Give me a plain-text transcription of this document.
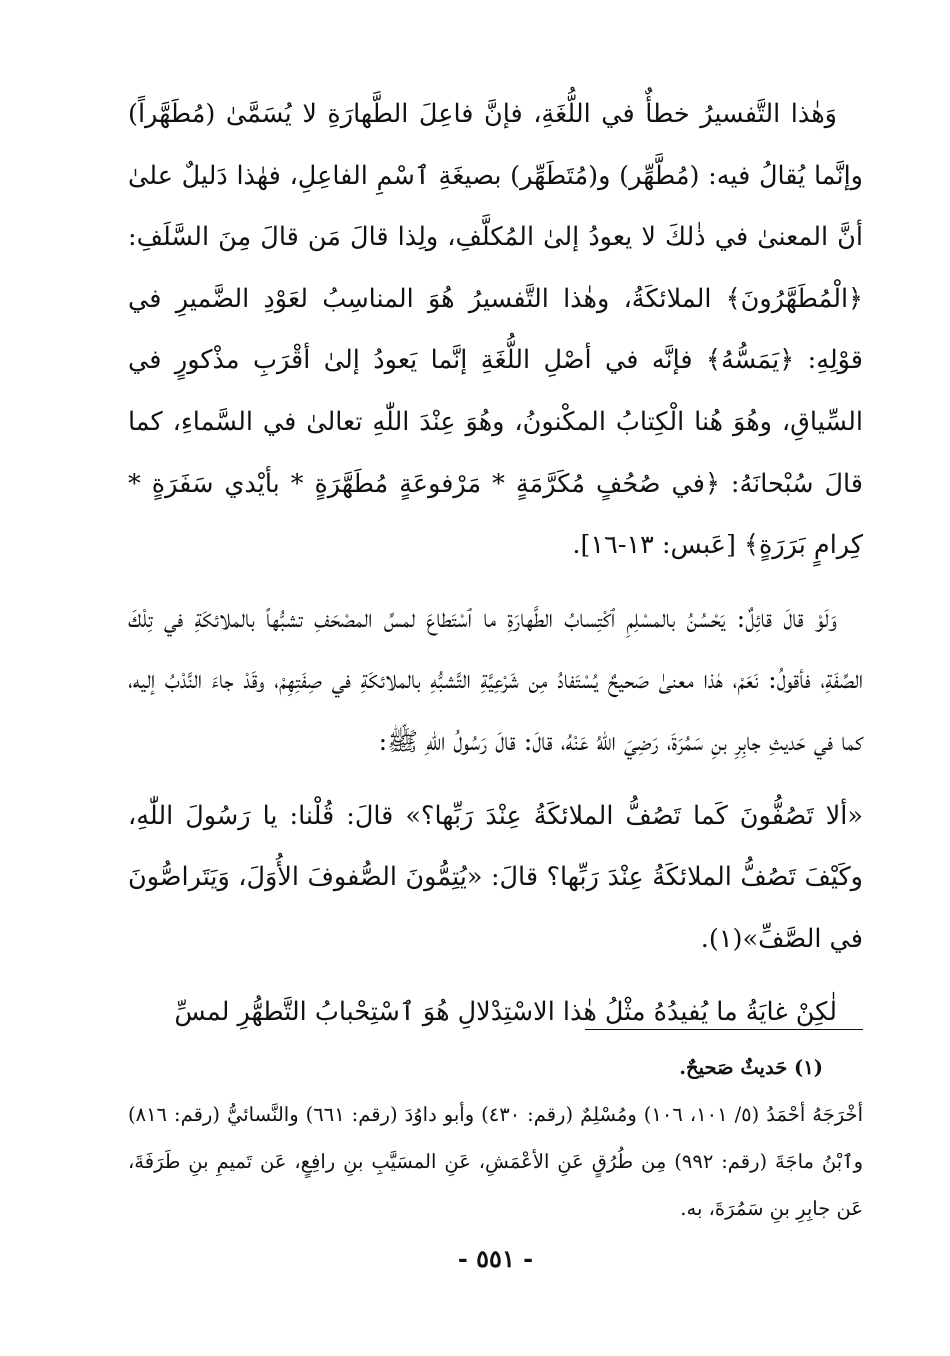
وَهٰذا التَّفسيرُ خطأٌ في اللُّغَةِ، فإنَّ فاعِلَ الطَّهارَةِ لا يُسَمَّىٰ (مُطَهَّراً) وإنَّما يُقالُ فيه: (مُطَّهِّر) و(مُتَطَهِّر) بصيغَةِ ٱسْمِ الفاعِلِ، فهٰذا دَليلٌ علىٰ أنَّ المعنىٰ في ذٰلكَ لا يعودُ إلىٰ المُكلَّفِ، ولِذا قالَ مَن قالَ مِنَ السَّلَفِ: ﴿الْمُطَهَّرُونَ﴾ الملائكَةُ، وهٰذا التَّفسيرُ هُوَ المناسِبُ لعَوْدِ الضَّميرِ في قوْلِهِ: ﴿يَمَسُّهُ﴾ فإنَّه في أصْلِ اللُّغَةِ إنَّما يَعودُ إلىٰ أقْرَبِ مذْكورٍ في السِّياقِ، وهُوَ هُنا الْكِتابُ المكْنونُ، وهُوَ عِنْدَ اللّٰهِ تعالىٰ في السَّماءِ، كما قالَ سُبْحانَهُ: ﴿في صُحُفٍ مُكَرَّمَةٍ * مَرْفوعَةٍ مُطَهَّرَةٍ * بأيْدي سَفَرَةٍ * كِرامٍ بَرَرَةٍ﴾ [عَبس: ١٣-١٦].

وَلَوْ قالَ قائِلٌ: يَحْسُنُ بالمسْلِمِ ٱكْتِسابُ الطَّهارَةِ ما ٱسْتَطاعَ لمسِّ المصْحَفِ تشبُّهاً بالملائكَةِ في تِلْكَ الصِّفَةِ، فأقولُ: نَعَمْ، هٰذا معنىٰ صَحيحٌ يُسْتَفادُ مِن شَرْعِيَّةِ التَّشبُّهِ بالملائكَةِ في صِفَتِهِمْ، وقَدْ جاءَ النَّدْبُ إليه، كما في حَديثِ جابِرِ بنِ سَمُرَةَ، رَضِيَ اللّٰهُ عَنْهُ، قالَ: قالَ رَسُولُ اللّٰهِ ﷺ:

«ألا تَصُفُّونَ كَما تَصُفُّ الملائكَةُ عِنْدَ رَبِّها؟» قالَ: قُلْنا: يا رَسُولَ اللّٰهِ، وكَيْفَ تَصُفُّ الملائكَةُ عِنْدَ رَبِّها؟ قالَ: «يُتِمُّونَ الصُّفوفَ الأُوَلَ، وَيَتَراصُّونَ في الصَّفِّ»(١).

لٰكِنْ غايَةُ ما يُفيدُهُ مثْلُ هٰذا الاسْتِدْلالِ هُوَ ٱسْتِحْبابُ التَّطهُّرِ لمسِّ

(١) حَديثٌ صَحيحٌ.

أخْرَجَهُ أحْمَدُ (٥/ ١٠١، ١٠٦) ومُسْلِمٌ (رقم: ٤٣٠) وأبو داوُدَ (رقم: ٦٦١) والنَّسائيُّ (رقم: ٨١٦) وٱبْنُ ماجَةَ (رقم: ٩٩٢) مِن طُرُقٍ عَنِ الأعْمَشِ، عَنِ المسَيَّبِ بنِ رافِعٍ، عَن تَميمِ بنِ طَرَفَةَ، عَن جابِرِ بنِ سَمُرَةَ، به.

- ٥٥١ -
